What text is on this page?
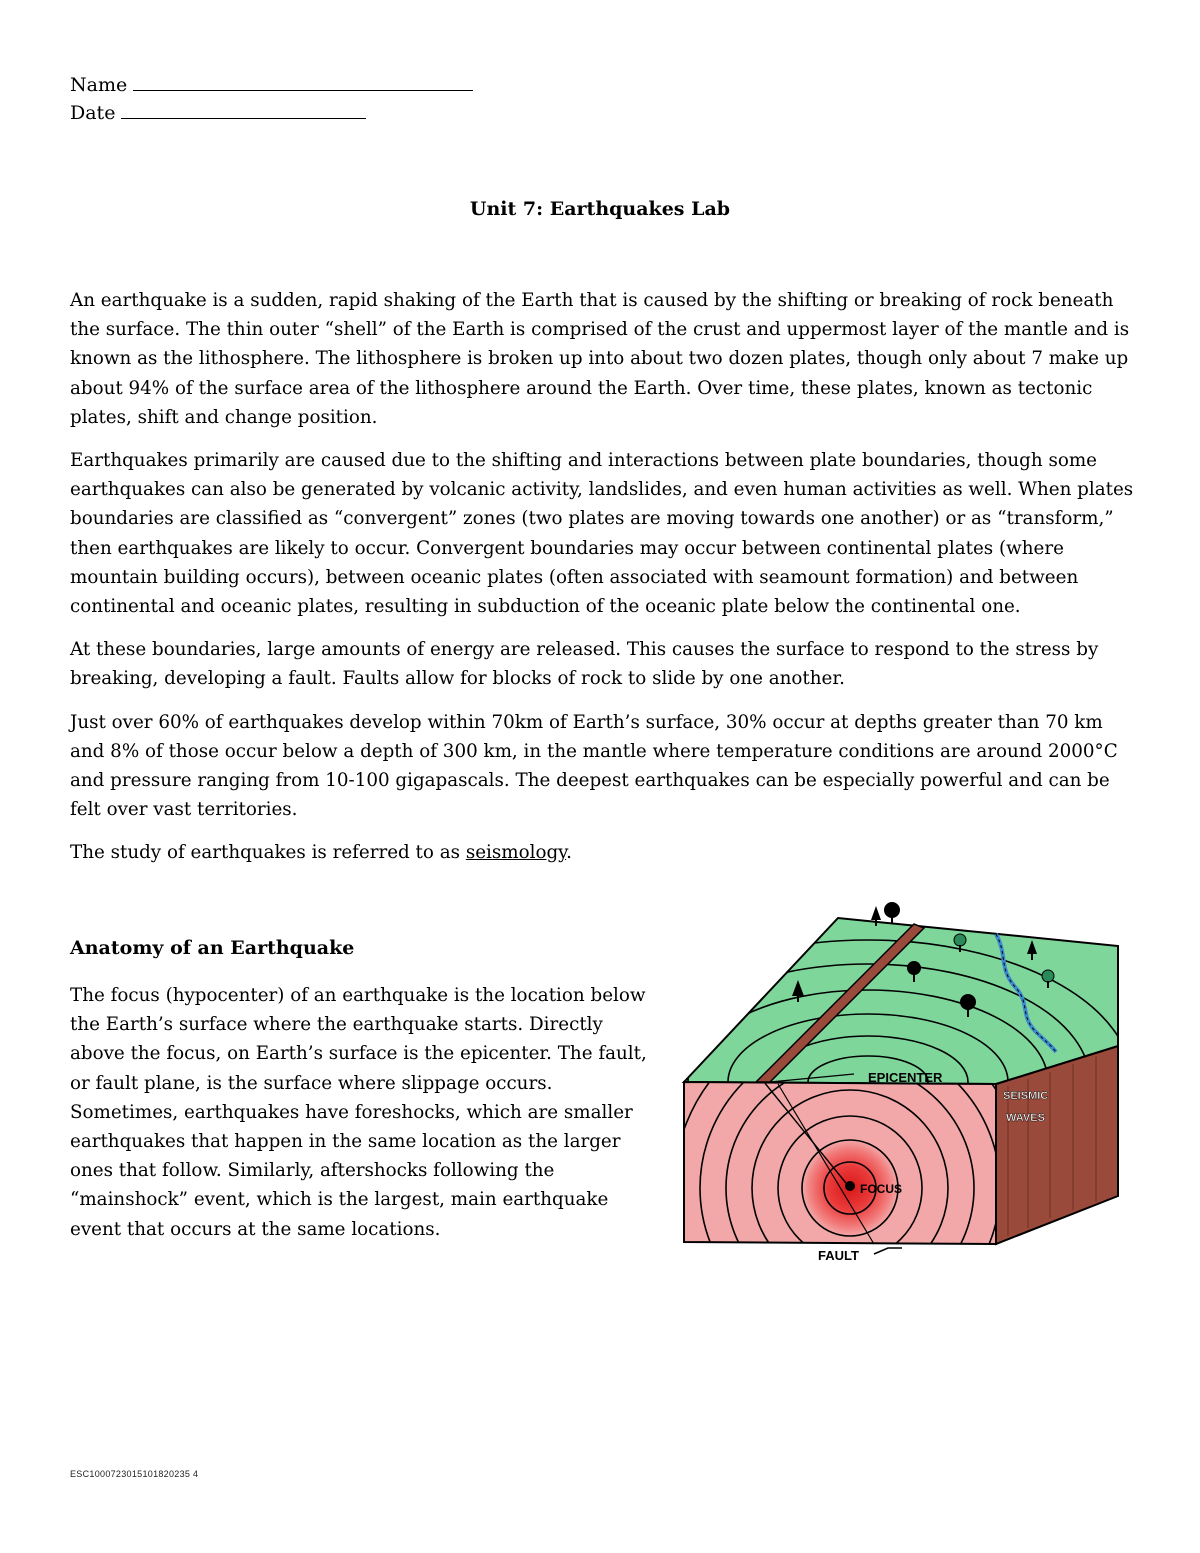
Name
Date
Unit 7: Earthquakes Lab

An earthquake is a sudden, rapid shaking of the Earth that is caused by the shifting or breaking of rock beneath the surface. The thin outer “shell” of the Earth is comprised of the crust and uppermost layer of the mantle and is known as the lithosphere. The lithosphere is broken up into about two dozen plates, though only about 7 make up about 94% of the surface area of the lithosphere around the Earth. Over time, these plates, known as tectonic plates, shift and change position.

Earthquakes primarily are caused due to the shifting and interactions between plate boundaries, though some earthquakes can also be generated by volcanic activity, landslides, and even human activities as well. When plates boundaries are classified as “convergent” zones (two plates are moving towards one another) or as “transform,” then earthquakes are likely to occur. Convergent boundaries may occur between continental plates (where mountain building occurs), between oceanic plates (often associated with seamount formation) and between continental and oceanic plates, resulting in subduction of the oceanic plate below the continental one.

At these boundaries, large amounts of energy are released. This causes the surface to respond to the stress by breaking, developing a fault. Faults allow for blocks of rock to slide by one another.

Just over 60% of earthquakes develop within 70km of Earth’s surface, 30% occur at depths greater than 70 km and 8% of those occur below a depth of 300 km, in the mantle where temperature conditions are around 2000°C and pressure ranging from 10-100 gigapascals. The deepest earthquakes can be especially powerful and can be felt over vast territories.

The study of earthquakes is referred to as seismology.

Anatomy of an Earthquake
The focus (hypocenter) of an earthquake is the location below the Earth’s surface where the earthquake starts. Directly above the focus, on Earth’s surface is the epicenter. The fault, or fault plane, is the surface where slippage occurs. Sometimes, earthquakes have foreshocks, which are smaller earthquakes that happen in the same location as the larger ones that follow. Similarly, aftershocks following the “mainshock” event, which is the largest, main earthquake event that occurs at the same locations.
EPICENTER
SEISMIC
WAVES
FOCUS
FAULT
ESC1000723015101820235 4
